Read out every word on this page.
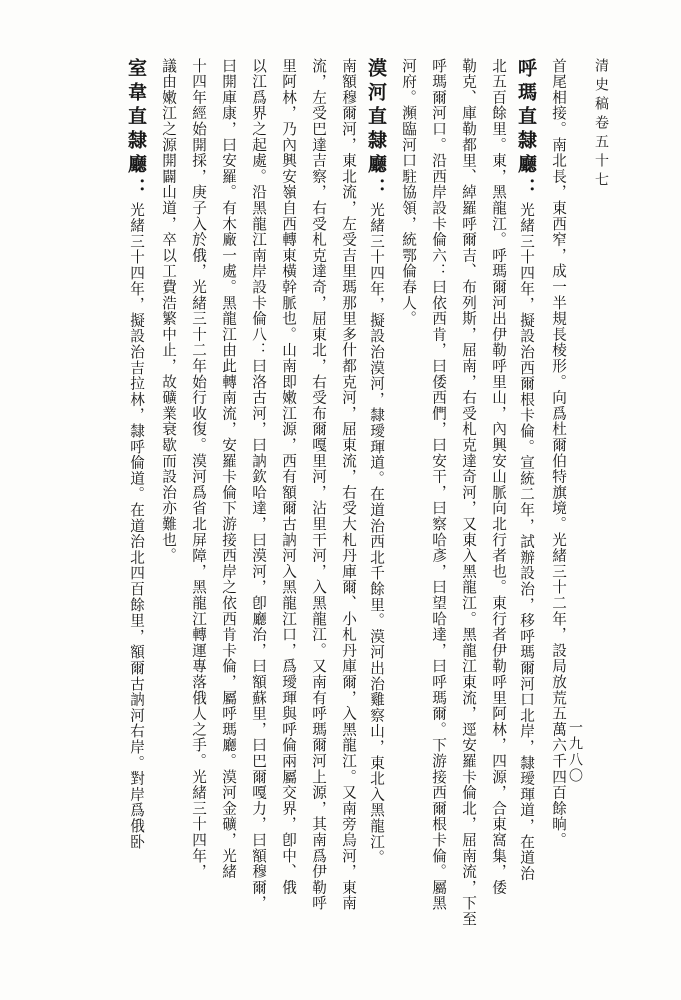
清史稿卷五十七
一九八〇
首尾相接。南北長，東西窄，成一半規長棱形。向爲杜爾伯特旗境。光緒三十二年，設局放荒五萬六千四百餘晌。
呼瑪直隸廳：光緒三十四年，擬設治西爾根卡倫。宣統二年，試辦設治，移呼瑪爾河口北岸，隸璦琿道，在道治
北五百餘里。東，黑龍江。呼瑪爾河出伊勒呼里山，內興安山脈向北行者也。東行者伊勒呼里阿林，四源，合東窩集，倭
勒克、庫勒都里、綽羅呼爾吉、布列斯，屈南，右受札克達奇河，又東入黑龍江。黑龍江東流，逕安羅卡倫北，屈南流，下至
呼瑪爾河口。沿西岸設卡倫六：曰依西肯，曰倭西們，曰安干，曰察哈彥，曰望哈達，曰呼瑪爾。下游接西爾根卡倫。屬黑
河府。瀕臨河口駐協領，統鄂倫春人。
漠河直隸廳：光緒三十四年，擬設治漠河，隸璦琿道。在道治西北千餘里。漠河出治雞察山，東北入黑龍江。
南額穆爾河，東北流，左受吉里瑪那里多什都克河，屈東流，右受大札丹庫爾、小札丹庫爾，入黑龍江。又南旁烏河，東南
流，左受巴達吉察，右受札克達奇，屈東北，右受布爾嘎里河，沾里干河，入黑龍江。又南有呼瑪爾河上源，其南爲伊勒呼
里阿林，乃內興安嶺自西轉東橫幹脈也。山南即嫩江源，西有額爾古訥河入黑龍江口，爲璦琿與呼倫兩屬交界，卽中、俄
以江爲界之起處。沿黑龍江南岸設卡倫八：曰洛古河，曰訥欽哈達，曰漠河，卽廳治，曰額蘇里，曰巴爾嘎力，曰額穆爾，
曰開庫康，曰安羅。有木廠一處。黑龍江由此轉南流，安羅卡倫下游接西岸之依西肯卡倫，屬呼瑪廳。漠河金礦，光緒
十四年經始開採，庚子入於俄，光緒三十二年始行收復。漠河爲省北屏障，黑龍江轉運專落俄人之手。光緒三十四年，
議由嫩江之源開闢山道，卒以工費浩繁中止，故礦業衰歇而設治亦難也。
室韋直隸廳：光緒三十四年，擬設治吉拉林，隸呼倫道。在道治北四百餘里，額爾古訥河右岸。對岸爲俄卧
